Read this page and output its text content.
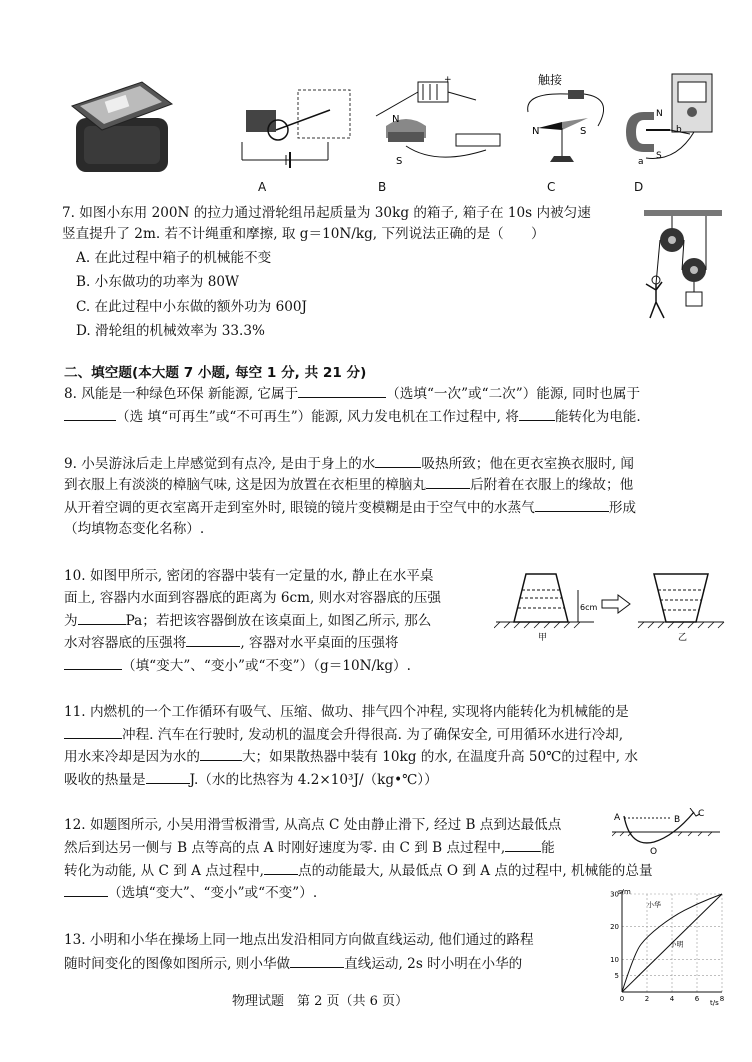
+
N
S
触接
N	S
N
S
a
b
A	B	C	D
7. 如图小东用 200N 的拉力通过滑轮组吊起质量为 30kg 的箱子, 箱子在 10s 内被匀速
竖直提升了 2m. 若不计绳重和摩擦, 取 g＝10N/kg, 下列说法正确的是（　　）
A. 在此过程中箱子的机械能不变
B. 小东做功的功率为 80W
C. 在此过程中小东做的额外功为 600J
D. 滑轮组的机械效率为 33.3%
二、填空题(本大题 7 小题, 每空 1 分, 共 21 分)
8. 风能是一种绿色环保 新能源, 它属于	（选填“一次”或“二次”）能源, 同时也属于
（选 填“可再生”或“不可再生”）能源, 风力发电机在工作过程中, 将	能转化为电能.
9. 小吴游泳后走上岸感觉到有点冷, 是由于身上的水	吸热所致；他在更衣室换衣服时, 闻
到衣服上有淡淡的樟脑气味, 这是因为放置在衣柜里的樟脑丸	后附着在衣服上的缘故；他
从开着空调的更衣室离开走到室外时, 眼镜的镜片变模糊是由于空气中的水蒸气	形成
（均填物态变化名称）.
10. 如图甲所示, 密闭的容器中装有一定量的水, 静止在水平桌
面上, 容器内水面到容器底的距离为 6cm, 则水对容器底的压强
为	Pa；若把该容器倒放在该桌面上, 如图乙所示, 那么
水对容器底的压强将	, 容器对水平桌面的压强将
（填“变大”、“变小”或“不变”）（g＝10N/kg）.
6cm
甲	乙
11. 内燃机的一个工作循环有吸气、压缩、做功、排气四个冲程, 实现将内能转化为机械能的是
冲程. 汽车在行驶时, 发动机的温度会升得很高. 为了确保安全, 可用循环水进行冷却,
用水来冷却是因为水的	大；如果散热器中装有 10kg 的水, 在温度升高 50℃的过程中, 水
吸收的热量是	J.（水的比热容为 4.2×10³J/（kg•℃））
12. 如题图所示, 小吴用滑雪板滑雪, 从高点 C 处由静止滑下, 经过 B 点到达最低点
然后到达另一侧与 B 点等高的点 A 时刚好速度为零. 由 C 到 B 点过程中,	能
转化为动能, 从 C 到 A 点过程中,	点的动能最大, 从最低点 O 到 A 点的过程中, 机械能的总量
（选填“变大”、“变小”或“不变”）.
A	B
C
O
13. 小明和小华在操场上同一地点出发沿相同方向做直线运动, 他们通过的路程
随时间变化的图像如图所示, 则小华做	直线运动, 2s 时小明在小华的
5
10
20
30
0	2	4	6	8
小华
小明
s/m
t/s
物理试题　第 2 页（共 6 页）
